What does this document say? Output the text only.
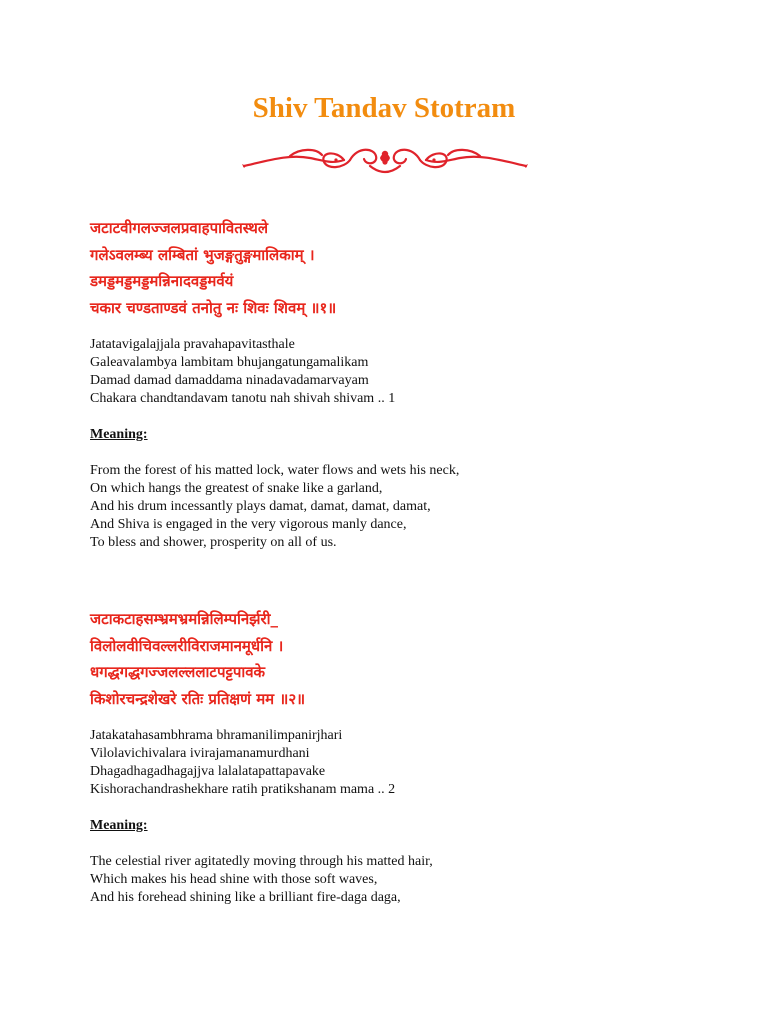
Shiv Tandav Stotram
जटाटवीगलज्जलप्रवाहपावितस्थले
गलेऽवलम्ब्य लम्बितां भुजङ्गतुङ्गमालिकाम् ।
डमड्डमड्डमड्डमन्निनादवड्डमर्वयं
चकार चण्डताण्डवं तनोतु नः शिवः शिवम् ॥१॥
Jatatavigalajjala pravahapavitasthale
Galeavalambya lambitam bhujangatungamalikam
Damad damad damaddama ninadavadamarvayam
Chakara chandtandavam tanotu nah shivah shivam .. 1
Meaning:
From the forest of his matted lock, water flows and wets his neck,
On which hangs the greatest of snake like a garland,
And his drum incessantly plays damat, damat, damat, damat,
And Shiva is engaged in the very vigorous manly dance,
To bless and shower, prosperity on all of us.
जटाकटाहसम्भ्रमभ्रमन्निलिम्पनिर्झरी_
विलोलवीचिवल्लरीविराजमानमूर्धनि ।
धगद्धगद्धगज्जलल्ललाटपट्टपावके
किशोरचन्द्रशेखरे रतिः प्रतिक्षणं मम ॥२॥
Jatakatahasambhrama bhramanilimpanirjhari
Vilolavichivalara ivirajamanamurdhani
Dhagadhagadhagajjva lalalatapattapavake
Kishorachandrashekhare ratih pratikshanam mama .. 2
Meaning:
The celestial river agitatedly moving through his matted hair,
Which makes his head shine with those soft waves,
And his forehead shining like a brilliant fire-daga daga,
